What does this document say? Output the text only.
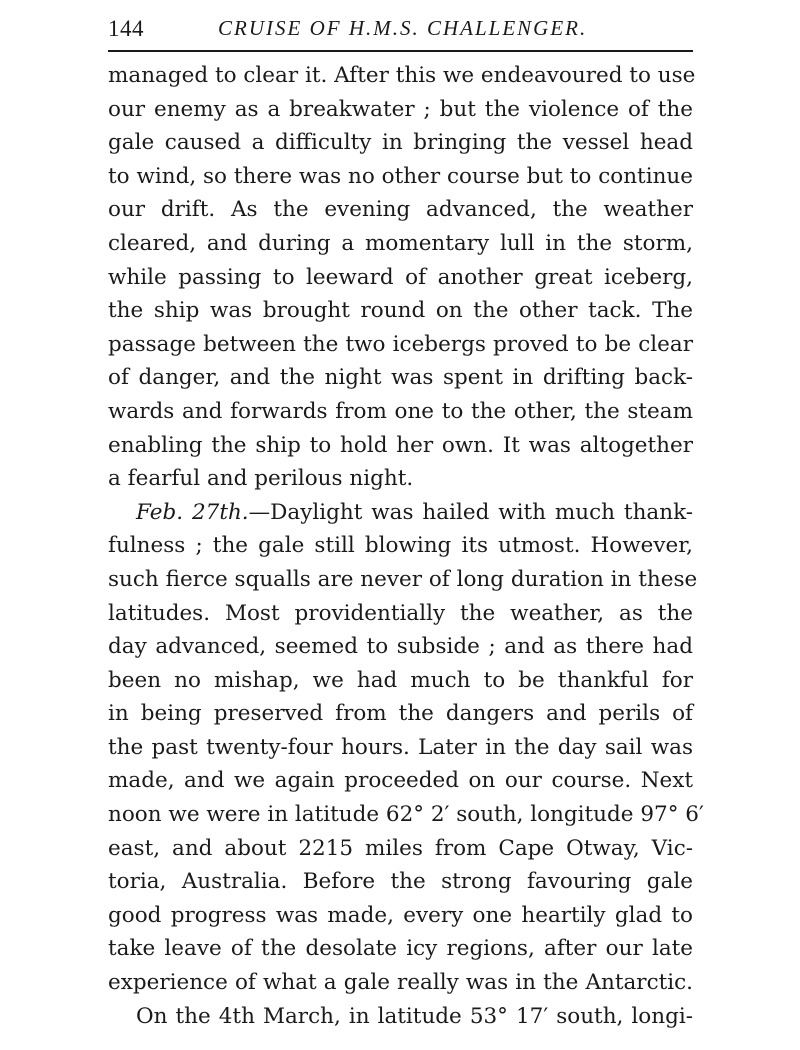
144	CRUISE OF H.M.S. CHALLENGER.
managed to clear it. After this we endeavoured to use
our enemy as a breakwater ; but the violence of the
gale caused a difficulty in bringing the vessel head
to wind, so there was no other course but to continue
our drift. As the evening advanced, the weather
cleared, and during a momentary lull in the storm,
while passing to leeward of another great iceberg,
the ship was brought round on the other tack. The
passage between the two icebergs proved to be clear
of danger, and the night was spent in drifting back-
wards and forwards from one to the other, the steam
enabling the ship to hold her own. It was altogether
a fearful and perilous night.
Feb. 27th.—Daylight was hailed with much thank-
fulness ; the gale still blowing its utmost. However,
such fierce squalls are never of long duration in these
latitudes. Most providentially the weather, as the
day advanced, seemed to subside ; and as there had
been no mishap, we had much to be thankful for
in being preserved from the dangers and perils of
the past twenty-four hours. Later in the day sail was
made, and we again proceeded on our course. Next
noon we were in latitude 62° 2′ south, longitude 97° 6′
east, and about 2215 miles from Cape Otway, Vic-
toria, Australia. Before the strong favouring gale
good progress was made, every one heartily glad to
take leave of the desolate icy regions, after our late
experience of what a gale really was in the Antarctic.
On the 4th March, in latitude 53° 17′ south, longi-
